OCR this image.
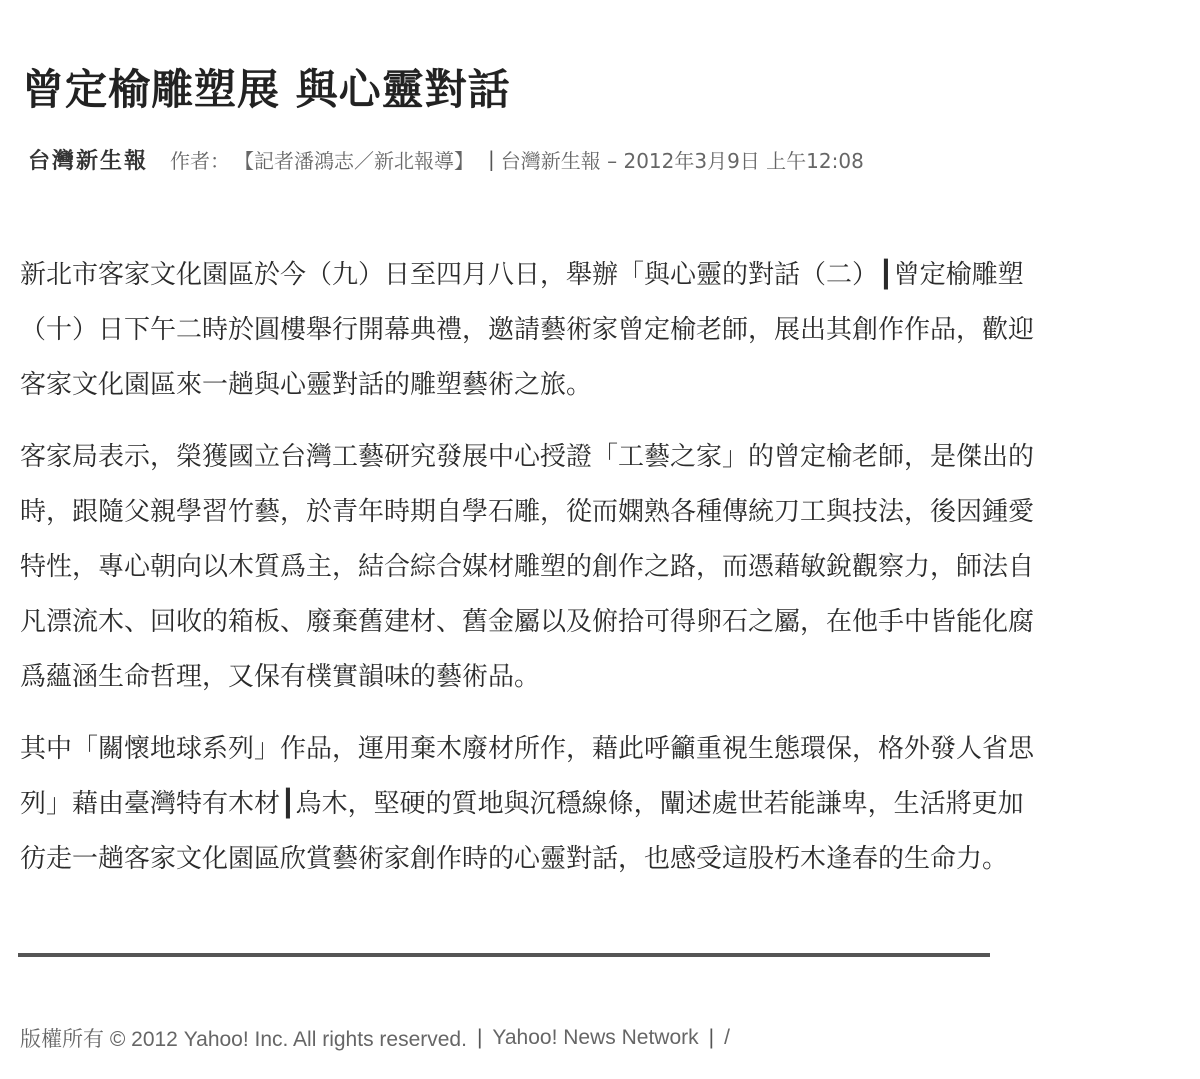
曾定榆雕塑展 與心靈對話
台灣新生報 作者： 【記者潘鴻志／新北報導】 | 台灣新生報 – 2012年3月9日 上午12:08

新北市客家文化園區於今（九）日至四月八日，舉辦「與心靈的對話（二）┃曾定榆雕塑
（十）日下午二時於圓樓舉行開幕典禮，邀請藝術家曾定榆老師，展出其創作作品，歡迎
客家文化園區來一趟與心靈對話的雕塑藝術之旅。

客家局表示，榮獲國立台灣工藝研究發展中心授證「工藝之家」的曾定榆老師，是傑出的
時，跟隨父親學習竹藝，於青年時期自學石雕，從而嫻熟各種傳統刀工與技法，後因鍾愛
特性，專心朝向以木質爲主，結合綜合媒材雕塑的創作之路，而憑藉敏銳觀察力，師法自
凡漂流木、回收的箱板、廢棄舊建材、舊金屬以及俯拾可得卵石之屬，在他手中皆能化腐
爲蘊涵生命哲理，又保有樸實韻味的藝術品。

其中「關懷地球系列」作品，運用棄木廢材所作，藉此呼籲重視生態環保，格外發人省思
列」藉由臺灣特有木材┃烏木，堅硬的質地與沉穩線條，闡述處世若能謙卑，生活將更加
彷走一趟客家文化園區欣賞藝術家創作時的心靈對話，也感受這股朽木逢春的生命力。

版權所有 © 2012 Yahoo! Inc. All rights reserved. | Yahoo! News Network | /
